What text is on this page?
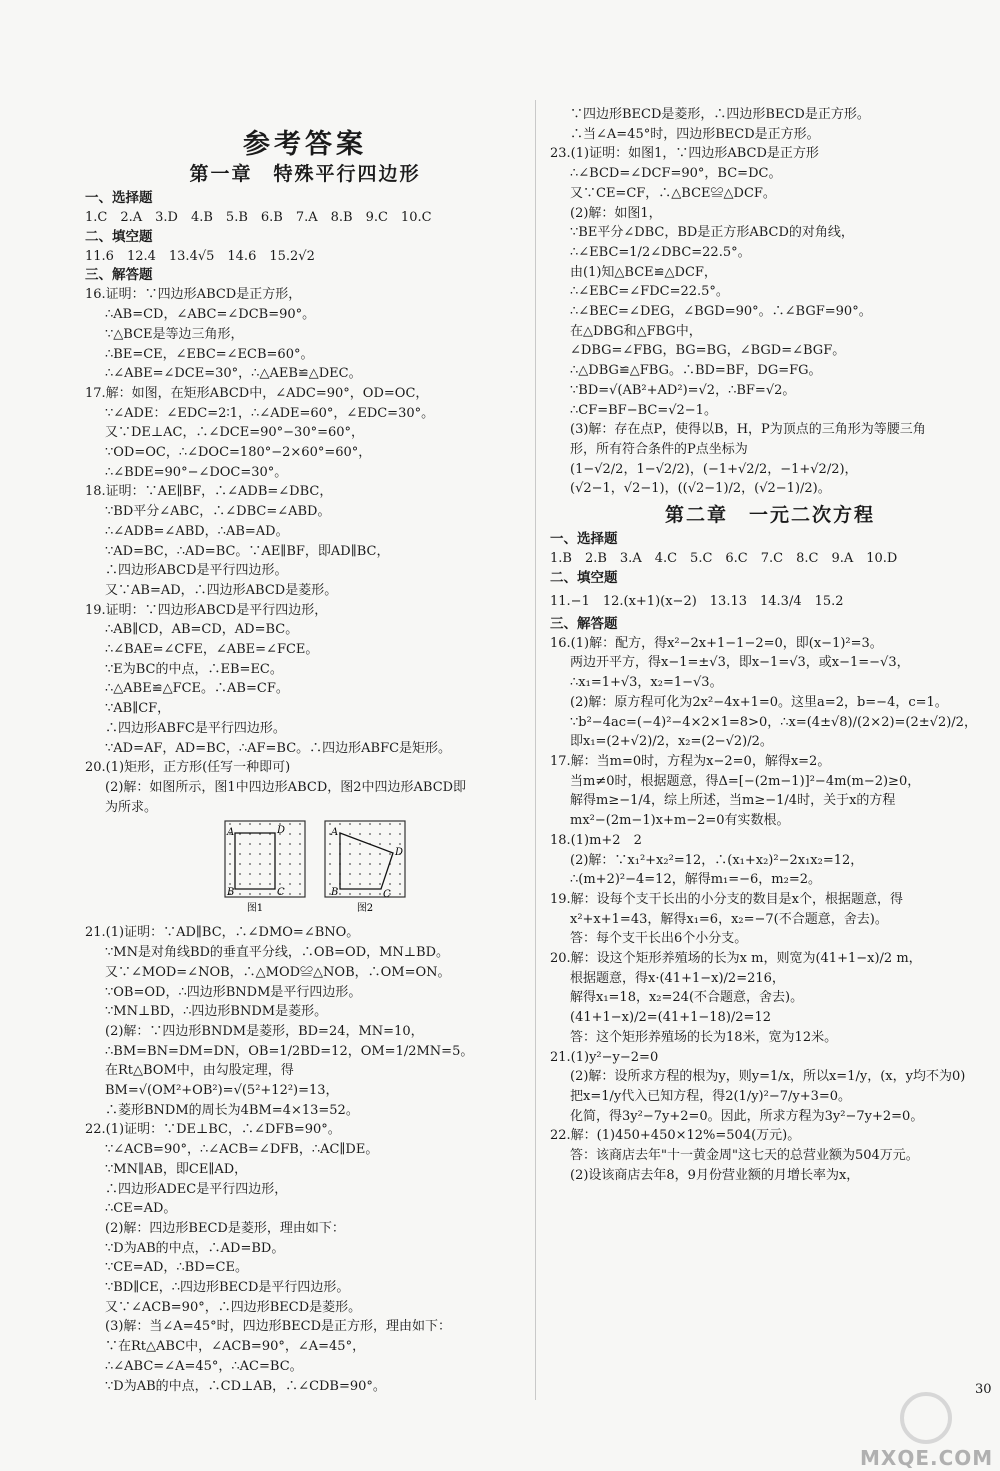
参考答案
第一章　特殊平行四边形
一、选择题
1.C　2.A　3.D　4.B　5.B　6.B　7.A　8.B　9.C　10.C
二、填空题
11.6　12.4　13.4√5　14.6　15.2√2
三、解答题
16.证明：∵四边形ABCD是正方形，
∴AB=CD，∠ABC=∠DCB=90°。
∵△BCE是等边三角形，
∴BE=CE，∠EBC=∠ECB=60°。
∴∠ABE=∠DCE=30°，∴△AEB≌△DEC。
17.解：如图，在矩形ABCD中，∠ADC=90°，OD=OC，
∵∠ADE：∠EDC=2∶1，∴∠ADE=60°，∠EDC=30°。
又∵DE⊥AC，∴∠DCE=90°−30°=60°，
∵OD=OC，∴∠DOC=180°−2×60°=60°，
∴∠BDE=90°−∠DOC=30°。
18.证明：∵AE∥BF，∴∠ADB=∠DBC，
∵BD平分∠ABC，∴∠DBC=∠ABD。
∴∠ADB=∠ABD，∴AB=AD。
∵AD=BC，∴AD=BC。∵AE∥BF，即AD∥BC，
∴四边形ABCD是平行四边形。
又∵AB=AD，∴四边形ABCD是菱形。
19.证明：∵四边形ABCD是平行四边形，
∴AB∥CD，AB=CD，AD=BC。
∴∠BAE=∠CFE，∠ABE=∠FCE。
∵E为BC的中点，∴EB=EC。
∴△ABE≌△FCE。∴AB=CF。
∵AB∥CF，
∴四边形ABFC是平行四边形。
∵AD=AF，AD=BC，∴AF=BC。∴四边形ABFC是矩形。
20.(1)矩形，正方形(任写一种即可)
(2)解：如图所示，图1中四边形ABCD，图2中四边形ABCD即
为所求。
A	D
B	C
图1
A
D
B	C
图2
21.(1)证明：∵AD∥BC，∴∠DMO=∠BNO。
∵MN是对角线BD的垂直平分线，∴OB=OD，MN⊥BD。
又∵∠MOD=∠NOB，∴△MOD≌△NOB，∴OM=ON。
∵OB=OD，∴四边形BNDM是平行四边形。
∵MN⊥BD，∴四边形BNDM是菱形。
(2)解：∵四边形BNDM是菱形，BD=24，MN=10，
∴BM=BN=DM=DN，OB=1/2BD=12，OM=1/2MN=5。
在Rt△BOM中，由勾股定理，得
BM=√(OM²+OB²)=√(5²+12²)=13，
∴菱形BNDM的周长为4BM=4×13=52。
22.(1)证明：∵DE⊥BC，∴∠DFB=90°。
∵∠ACB=90°，∴∠ACB=∠DFB，∴AC∥DE。
∵MN∥AB，即CE∥AD，
∴四边形ADEC是平行四边形，
∴CE=AD。
(2)解：四边形BECD是菱形，理由如下：
∵D为AB的中点，∴AD=BD。
∵CE=AD，∴BD=CE。
∵BD∥CE，∴四边形BECD是平行四边形。
又∵∠ACB=90°，∴四边形BECD是菱形。
(3)解：当∠A=45°时，四边形BECD是正方形，理由如下：
∵在Rt△ABC中，∠ACB=90°，∠A=45°，
∴∠ABC=∠A=45°，∴AC=BC。
∵D为AB的中点，∴CD⊥AB，∴∠CDB=90°。
∵四边形BECD是菱形，∴四边形BECD是正方形。
∴当∠A=45°时，四边形BECD是正方形。
23.(1)证明：如图1，∵四边形ABCD是正方形
∴∠BCD=∠DCF=90°，BC=DC。
又∵CE=CF，∴△BCE≌△DCF。
(2)解：如图1，
∵BE平分∠DBC，BD是正方形ABCD的对角线，
∴∠EBC=1/2∠DBC=22.5°。
由(1)知△BCE≌△DCF，
∴∠EBC=∠FDC=22.5°。
∴∠BEC=∠DEG，∠BGD=90°。∴∠BGF=90°。
在△DBG和△FBG中，
∠DBG=∠FBG，BG=BG，∠BGD=∠BGF。
∴△DBG≌△FBG。∴BD=BF，DG=FG。
∵BD=√(AB²+AD²)=√2，∴BF=√2。
∴CF=BF−BC=√2−1。
(3)解：存在点P，使得以B，H，P为顶点的三角形为等腰三角
形，所有符合条件的P点坐标为
(1−√2/2，1−√2/2)，(−1+√2/2，−1+√2/2)，
(√2−1，√2−1)，((√2−1)/2，(√2−1)/2)。
第二章　一元二次方程
一、选择题
1.B　2.B　3.A　4.C　5.C　6.C　7.C　8.C　9.A　10.D
二、填空题
11.−1　12.(x+1)(x−2)　13.13　14.3/4　15.2
三、解答题
16.(1)解：配方，得x²−2x+1−1−2=0，即(x−1)²=3。
两边开平方，得x−1=±√3，即x−1=√3，或x−1=−√3，
∴x₁=1+√3，x₂=1−√3。
(2)解：原方程可化为2x²−4x+1=0。这里a=2，b=−4，c=1。
∵b²−4ac=(−4)²−4×2×1=8>0，∴x=(4±√8)/(2×2)=(2±√2)/2，
即x₁=(2+√2)/2，x₂=(2−√2)/2。
17.解：当m=0时，方程为x−2=0，解得x=2。
当m≠0时，根据题意，得Δ=[−(2m−1)]²−4m(m−2)≥0，
解得m≥−1/4，综上所述，当m≥−1/4时，关于x的方程
mx²−(2m−1)x+m−2=0有实数根。
18.(1)m+2　2
(2)解：∵x₁²+x₂²=12，∴(x₁+x₂)²−2x₁x₂=12，
∴(m+2)²−4=12，解得m₁=−6，m₂=2。
19.解：设每个支干长出的小分支的数目是x个，根据题意，得
x²+x+1=43，解得x₁=6，x₂=−7(不合题意，舍去)。
答：每个支干长出6个小分支。
20.解：设这个矩形养殖场的长为x m，则宽为(41+1−x)/2 m，
根据题意，得x·(41+1−x)/2=216，
解得x₁=18，x₂=24(不合题意，舍去)。
(41+1−x)/2=(41+1−18)/2=12
答：这个矩形养殖场的长为18米，宽为12米。
21.(1)y²−y−2=0
(2)解：设所求方程的根为y，则y=1/x，所以x=1/y，(x，y均不为0)
把x=1/y代入已知方程，得2(1/y)²−7/y+3=0。
化简，得3y²−7y+2=0。因此，所求方程为3y²−7y+2=0。
22.解：(1)450+450×12%=504(万元)。
答：该商店去年"十一黄金周"这七天的总营业额为504万元。
(2)设该商店去年8，9月份营业额的月增长率为x，
30
MXQE.COM
